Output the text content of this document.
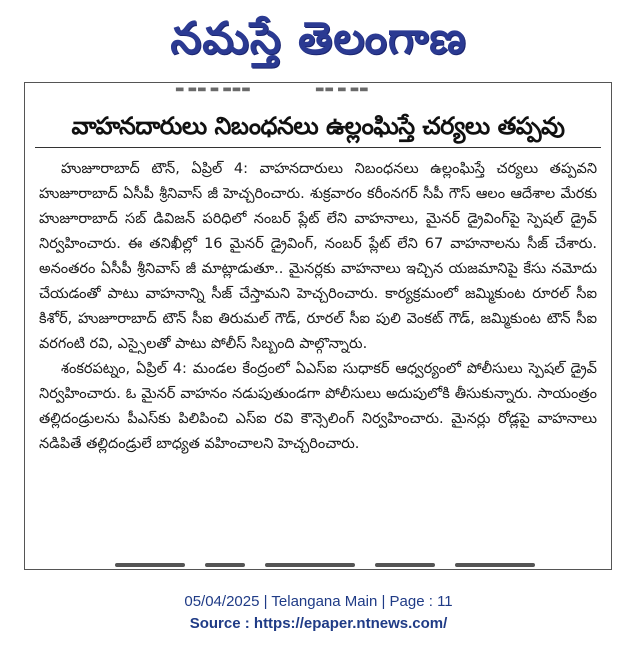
నమస్తే తెలంగాణ
▬ ▬▬ ▬ ▬▬▬	▬▬ ▬ ▬▬
వాహనదారులు నిబంధనలు ఉల్లంఘిస్తే చర్యలు తప్పవు

హుజూరాబాద్ టౌన్, ఏప్రిల్ 4: వాహనదారులు నిబంధనలు ఉల్లంఘిస్తే చర్యలు తప్పవని హుజూరాబాద్ ఏసీపీ శ్రీనివాస్ జీ హెచ్చరించారు. శుక్రవారం కరీంనగర్ సీపీ గౌస్ ఆలం ఆదేశాల మేరకు హుజూరాబాద్ సబ్ డివిజన్ పరిధిలో నంబర్ ప్లేట్ లేని వాహనాలు, మైనర్ డ్రైవింగ్‌పై స్పెషల్ డ్రైవ్ నిర్వహించారు. ఈ తనిఖీల్లో 16 మైనర్ డ్రైవింగ్, నంబర్ ప్లేట్ లేని 67 వాహనాలను సీజ్ చేశారు. అనంతరం ఏసీపీ శ్రీనివాస్ జీ మాట్లాడుతూ.. మైనర్లకు వాహనాలు ఇచ్చిన యజమానిపై కేసు నమోదు చేయడంతో పాటు వాహనాన్ని సీజ్ చేస్తామని హెచ్చరించారు. కార్యక్రమంలో జమ్మికుంట రూరల్ సీఐ కిశోర్, హుజూరాబాద్ టౌన్ సీఐ తిరుమల్ గౌడ్, రూరల్ సీఐ పులి వెంకట్ గౌడ్, జమ్మికుంట టౌన్ సీఐ వరగంటి రవి, ఎస్సైలతో పాటు పోలీస్ సిబ్బంది పాల్గొన్నారు.

శంకరపట్నం, ఏప్రిల్ 4: మండల కేంద్రంలో ఏఎస్ఐ సుధాకర్ ఆధ్వర్యంలో పోలీసులు స్పెషల్ డ్రైవ్ నిర్వహించారు. ఓ మైనర్ వాహనం నడుపుతుండగా పోలీసులు అదుపులోకి తీసుకున్నారు. సాయంత్రం తల్లిదండ్రులను పీఎస్‌కు పిలిపించి ఎస్ఐ రవి కౌన్సెలింగ్ నిర్వహించారు. మైనర్లు రోడ్లపై వాహనాలు నడిపితే తల్లిదండ్రులే బాధ్యత వహించాలని హెచ్చరించారు.

05/04/2025 | Telangana Main | Page : 11
Source : https://epaper.ntnews.com/
